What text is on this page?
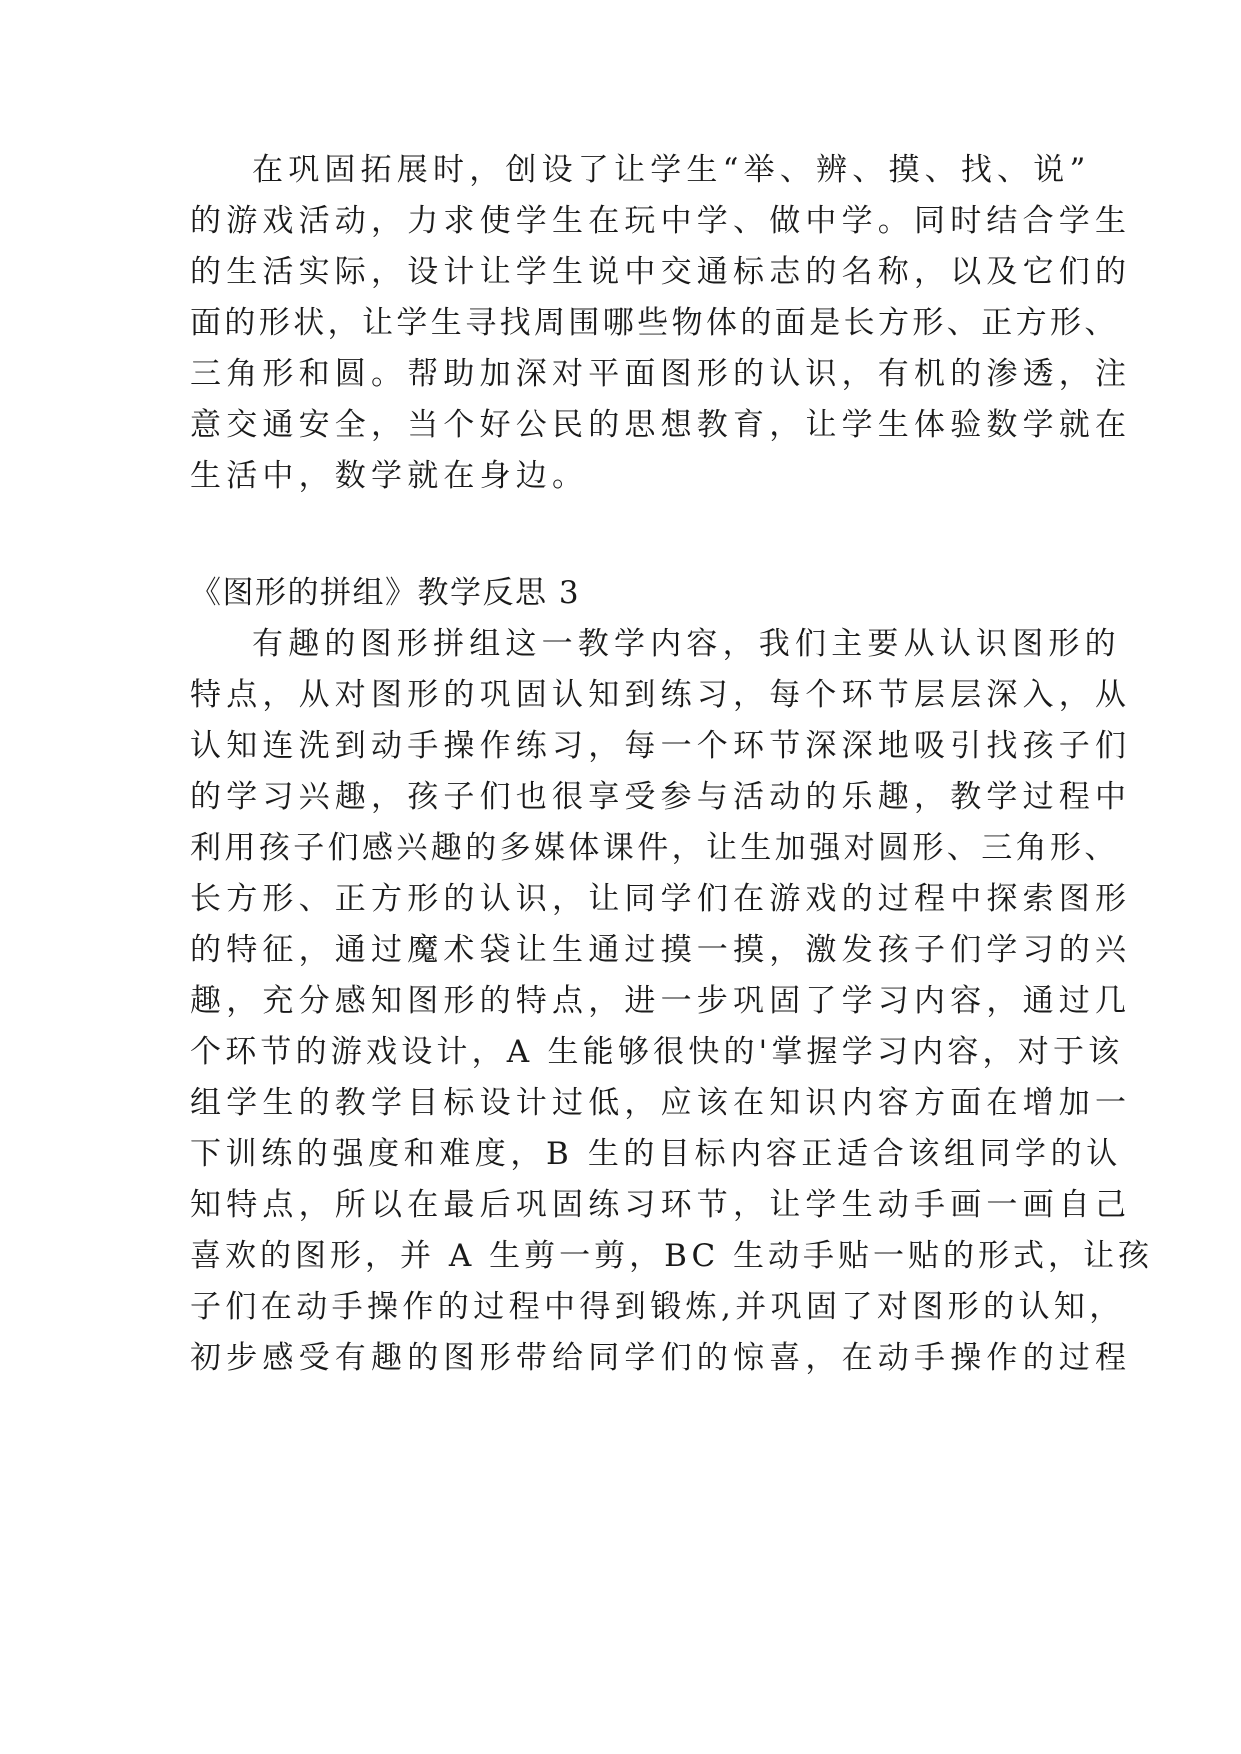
在巩固拓展时，创设了让学生“举、辨、摸、找、说”
的游戏活动，力求使学生在玩中学、做中学。同时结合学生
的生活实际，设计让学生说中交通标志的名称，以及它们的
面的形状，让学生寻找周围哪些物体的面是长方形、正方形、
三角形和圆。帮助加深对平面图形的认识，有机的渗透，注
意交通安全，当个好公民的思想教育，让学生体验数学就在
生活中，数学就在身边。
《图形的拼组》教学反思 3
有趣的图形拼组这一教学内容，我们主要从认识图形的
特点，从对图形的巩固认知到练习，每个环节层层深入，从
认知连洗到动手操作练习，每一个环节深深地吸引找孩子们
的学习兴趣，孩子们也很享受参与活动的乐趣，教学过程中
利用孩子们感兴趣的多媒体课件，让生加强对圆形、三角形、
长方形、正方形的认识，让同学们在游戏的过程中探索图形
的特征，通过魔术袋让生通过摸一摸，激发孩子们学习的兴
趣，充分感知图形的特点，进一步巩固了学习内容，通过几
个环节的游戏设计，A 生能够很快的'掌握学习内容，对于该
组学生的教学目标设计过低，应该在知识内容方面在增加一
下训练的强度和难度，B 生的目标内容正适合该组同学的认
知特点，所以在最后巩固练习环节，让学生动手画一画自己
喜欢的图形，并 A 生剪一剪，BC 生动手贴一贴的形式，让孩
子们在动手操作的过程中得到锻炼,并巩固了对图形的认知，
初步感受有趣的图形带给同学们的惊喜，在动手操作的过程
